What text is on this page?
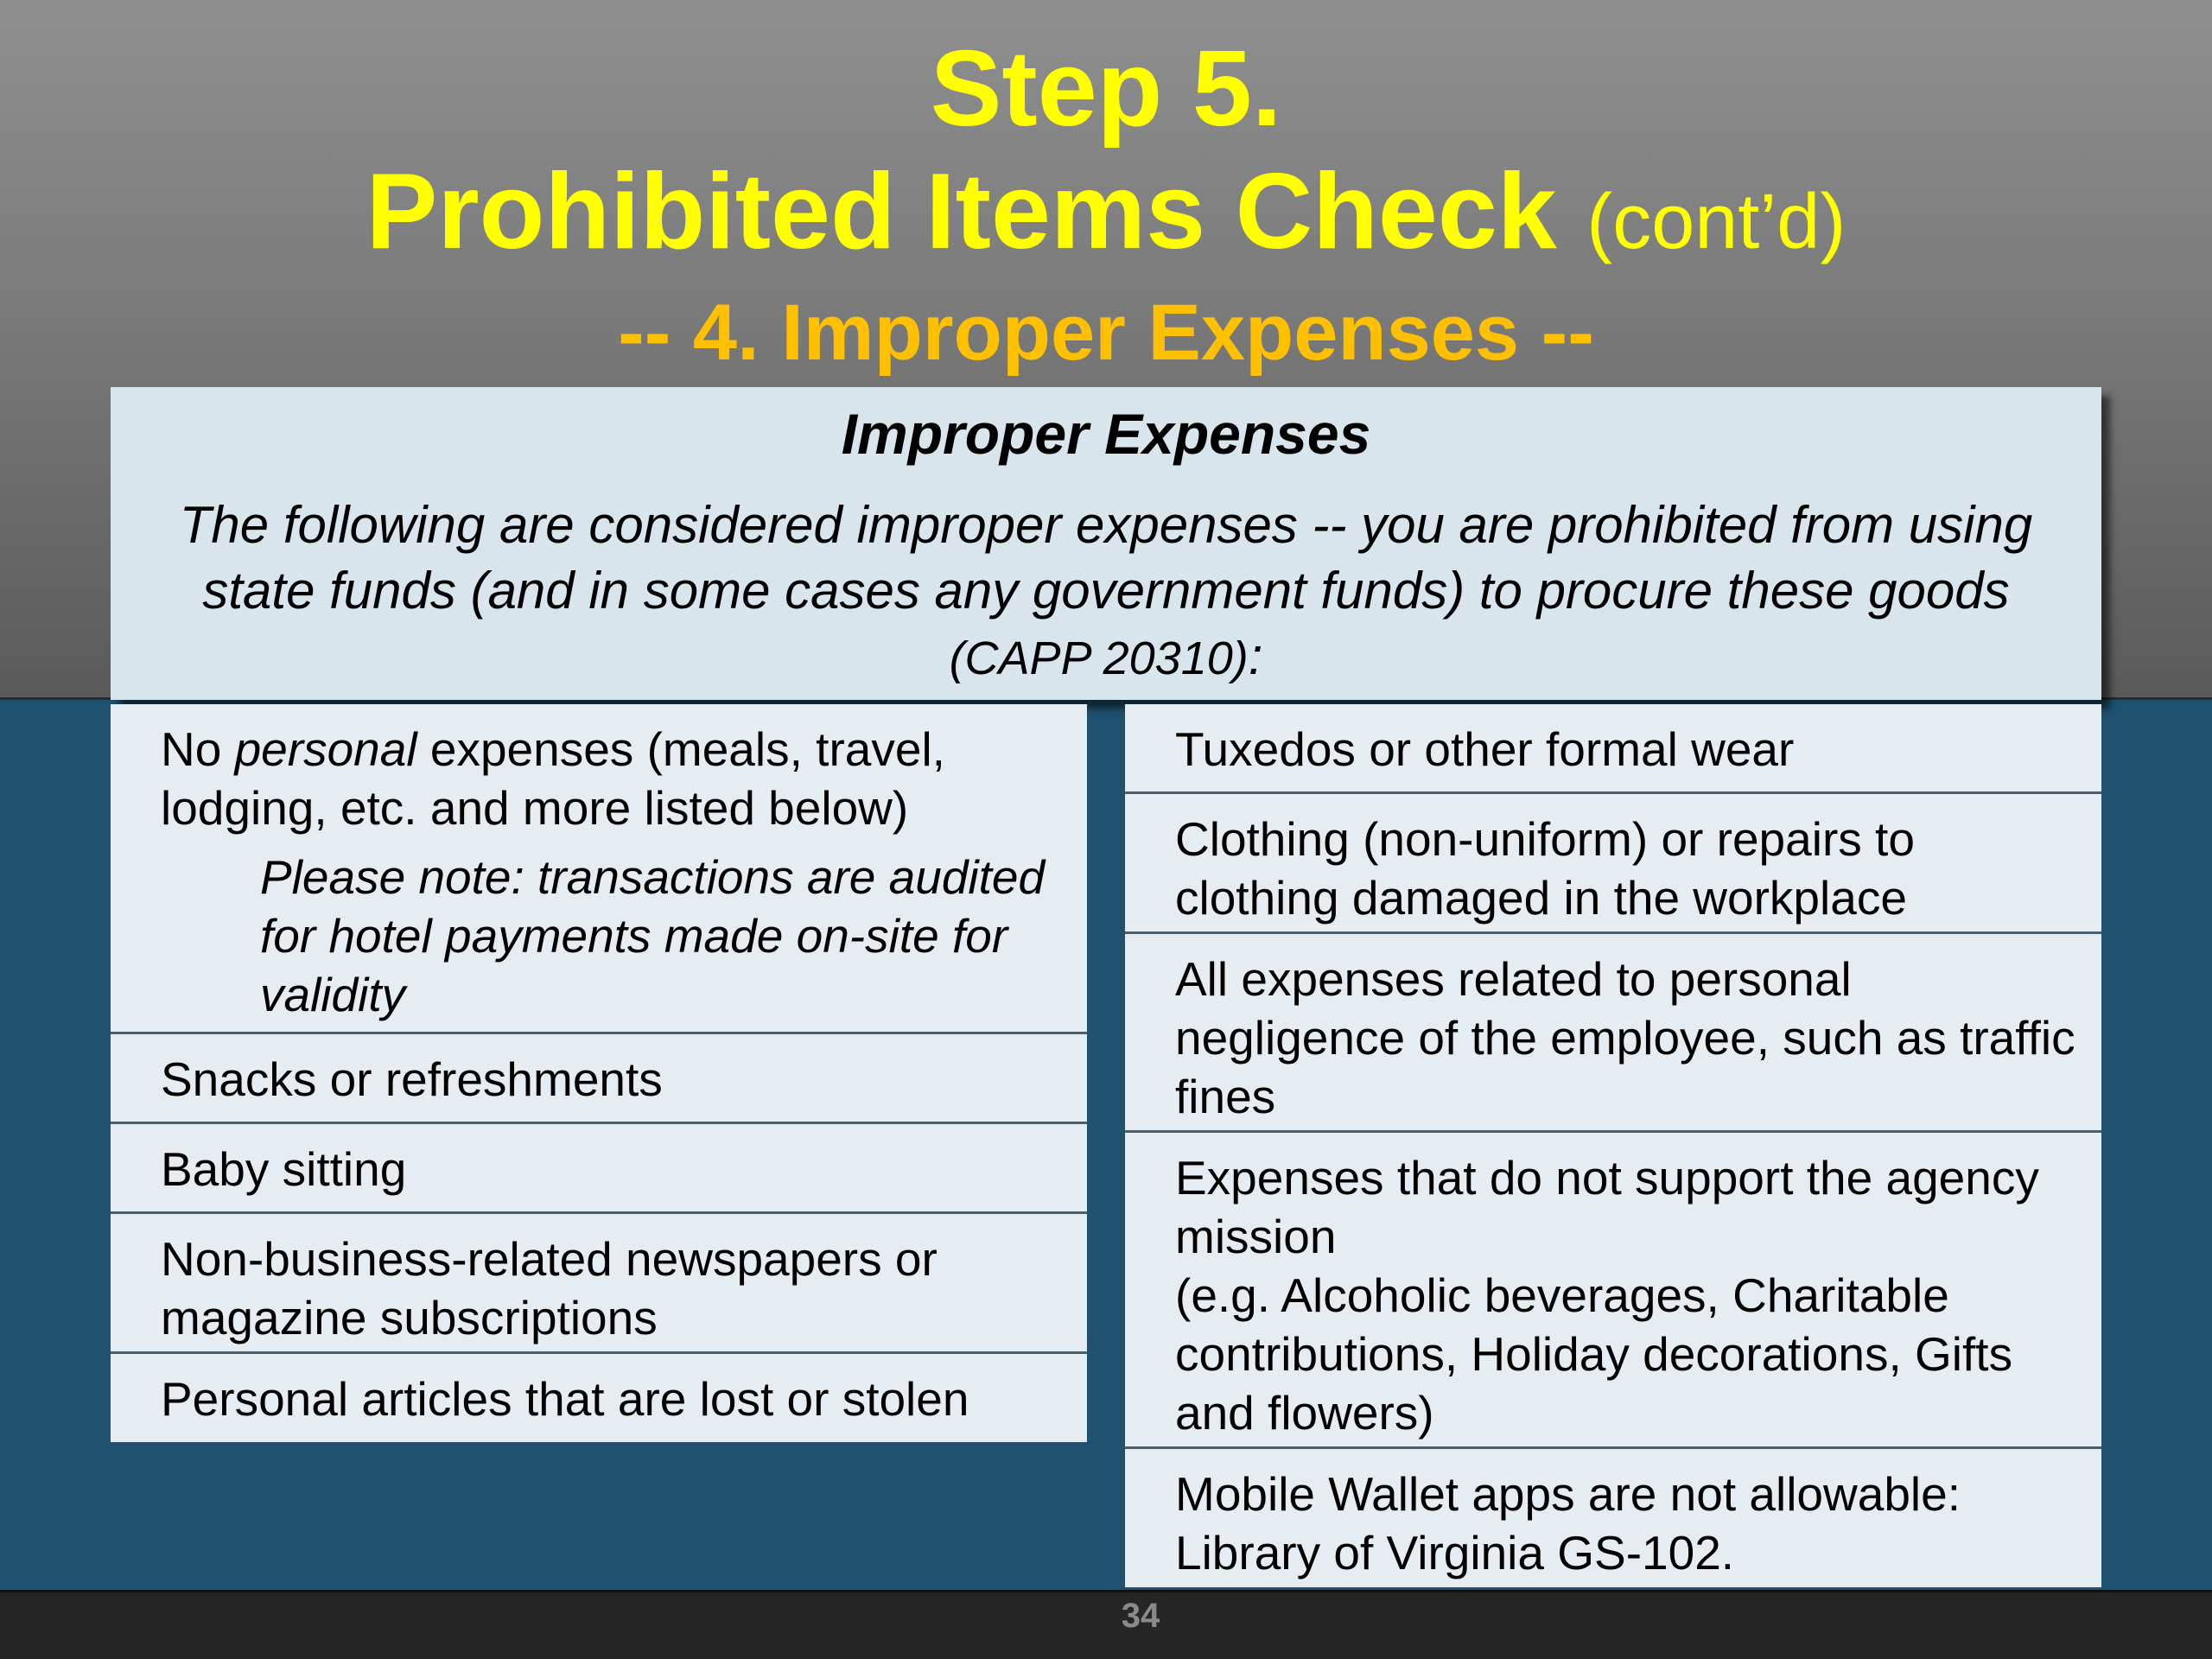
Step 5.
Prohibited Items Check (cont’d)
-- 4. Improper Expenses --
Improper Expenses
The following are considered improper expenses -- you are prohibited from using state funds (and in some cases any government funds) to procure these goods (CAPP 20310):
No personal expenses (meals, travel, lodging, etc. and more listed below)
Please note: transactions are audited for hotel payments made on-site for validity
Snacks or refreshments
Baby sitting
Non-business-related newspapers or magazine subscriptions
Personal articles that are lost or stolen
Tuxedos or other formal wear
Clothing (non-uniform) or repairs to clothing damaged in the workplace
All expenses related to personal negligence of the employee, such as traffic fines
Expenses that do not support the agency mission
(e.g. Alcoholic beverages, Charitable contributions, Holiday decorations, Gifts and flowers)
Mobile Wallet apps are not allowable: Library of Virginia GS-102.
34
